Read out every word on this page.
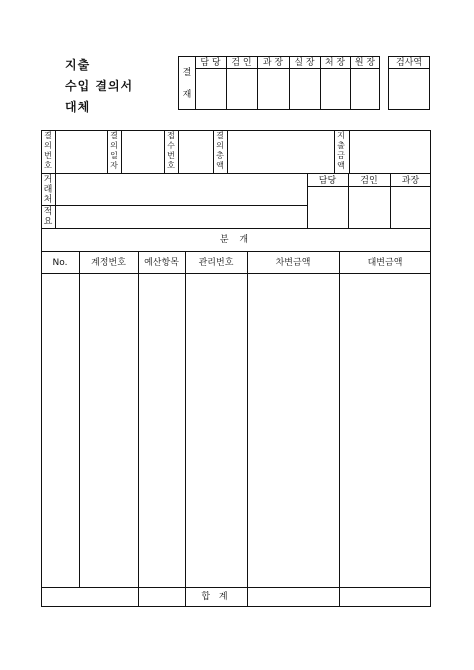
지출
수입 결의서
대체
결 재
담 당	검 인	과 장	실 장	처 장	원 장	검사역
결의번호
결의일자
접수번호
결의총액
지출금액
거래처
적요
담당	검인	과장
분 개
No.	계정번호	예산항목	관리번호	차변금액	대변금액
합 계
